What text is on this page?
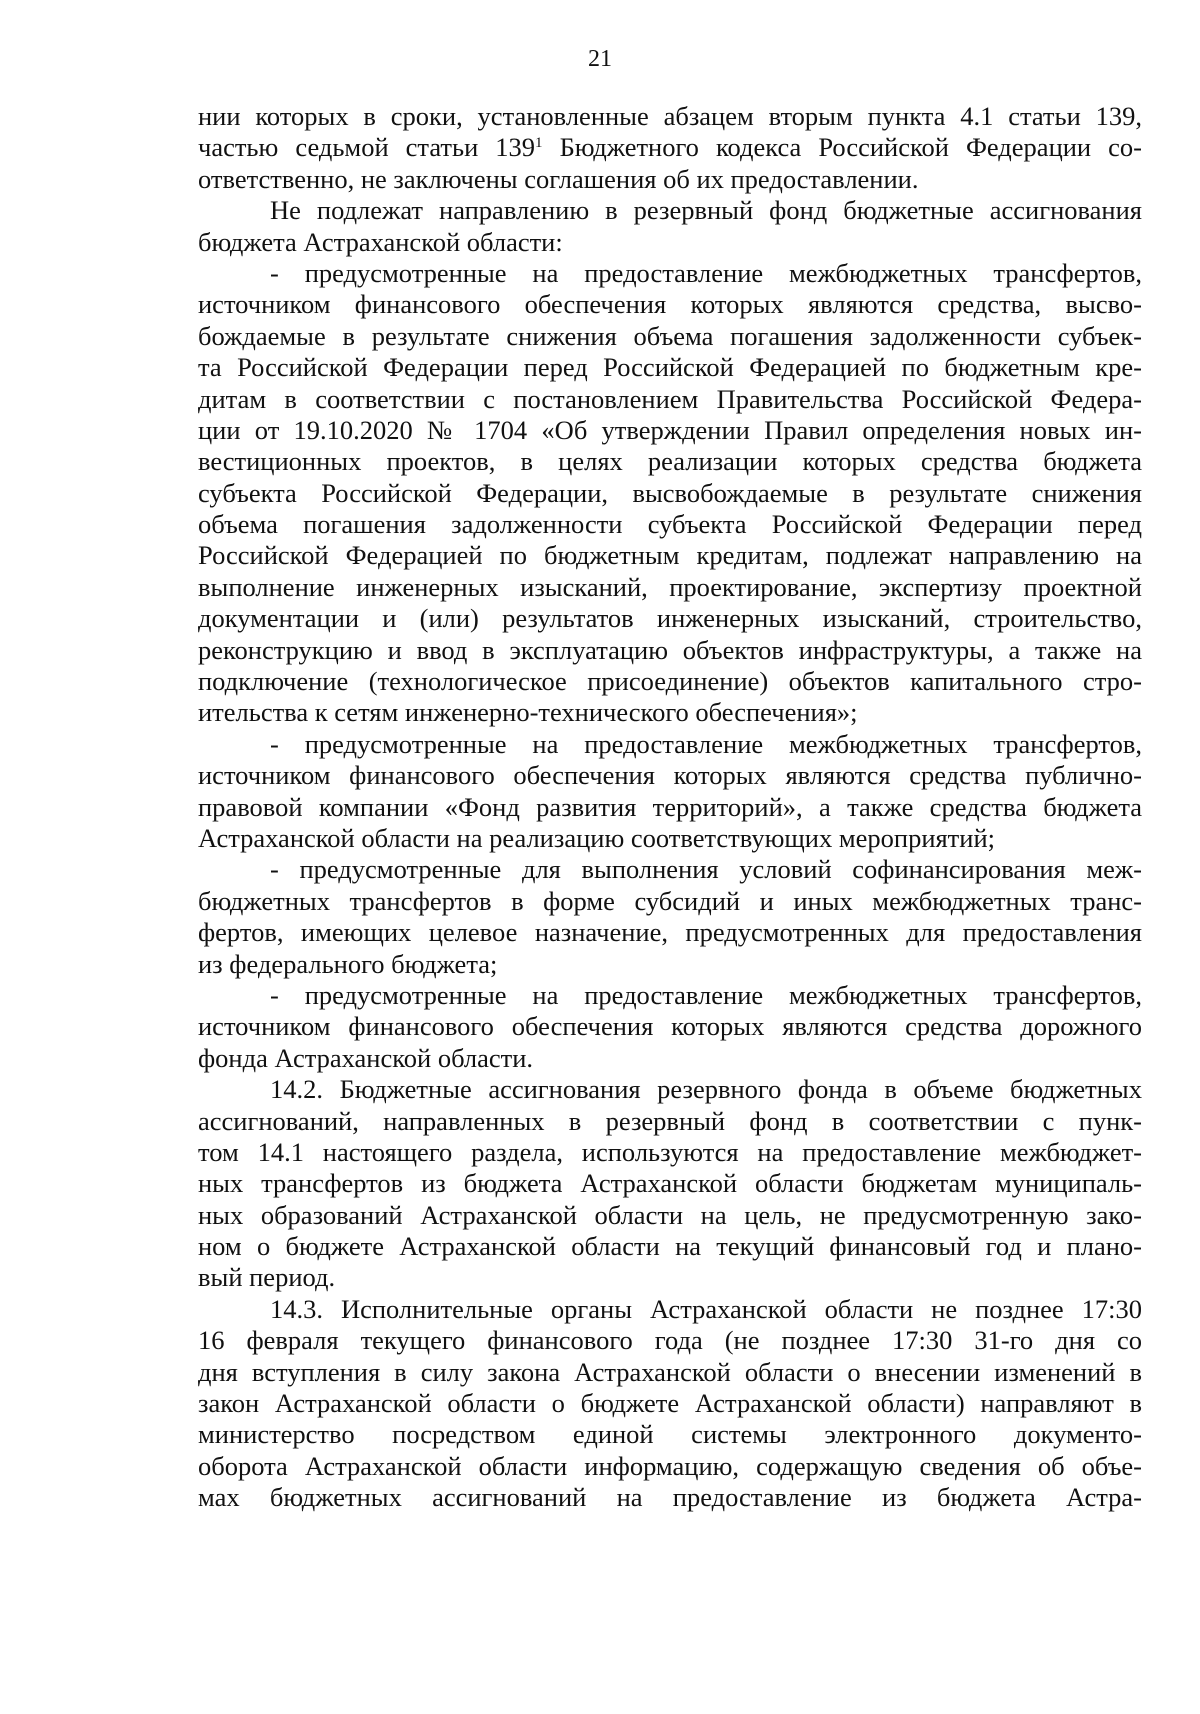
21
нии которых в сроки, установленные абзацем вторым пункта 4.1 статьи 139,
частью седьмой статьи $139^1$ Бюджетного кодекса Российской Федерации со-
ответственно, не заключены соглашения об их предоставлении.
Не подлежат направлению в резервный фонд бюджетные ассигнования
бюджета Астраханской области:
- предусмотренные на предоставление межбюджетных трансфертов,
источником финансового обеспечения которых являются средства, высво-
бождаемые в результате снижения объема погашения задолженности субъек-
та Российской Федерации перед Российской Федерацией по бюджетным кре-
дитам в соответствии с постановлением Правительства Российской Федера-
ции от 19.10.2020 № 1704 «Об утверждении Правил определения новых ин-
вестиционных проектов, в целях реализации которых средства бюджета
субъекта Российской Федерации, высвобождаемые в результате снижения
объема погашения задолженности субъекта Российской Федерации перед
Российской Федерацией по бюджетным кредитам, подлежат направлению на
выполнение инженерных изысканий, проектирование, экспертизу проектной
документации и (или) результатов инженерных изысканий, строительство,
реконструкцию и ввод в эксплуатацию объектов инфраструктуры, а также на
подключение (технологическое присоединение) объектов капитального стро-
ительства к сетям инженерно-технического обеспечения»;
- предусмотренные на предоставление межбюджетных трансфертов,
источником финансового обеспечения которых являются средства публично-
правовой компании «Фонд развития территорий», а также средства бюджета
Астраханской области на реализацию соответствующих мероприятий;
- предусмотренные для выполнения условий софинансирования меж-
бюджетных трансфертов в форме субсидий и иных межбюджетных транс-
фертов, имеющих целевое назначение, предусмотренных для предоставления
из федерального бюджета;
- предусмотренные на предоставление межбюджетных трансфертов,
источником финансового обеспечения которых являются средства дорожного
фонда Астраханской области.
14.2. Бюджетные ассигнования резервного фонда в объеме бюджетных
ассигнований, направленных в резервный фонд в соответствии с пунк-
том 14.1 настоящего раздела, используются на предоставление межбюджет-
ных трансфертов из бюджета Астраханской области бюджетам муниципаль-
ных образований Астраханской области на цель, не предусмотренную зако-
ном о бюджете Астраханской области на текущий финансовый год и плано-
вый период.
14.3. Исполнительные органы Астраханской области не позднее 17:30
16 февраля текущего финансового года (не позднее 17:30 31-го дня со
дня вступления в силу закона Астраханской области о внесении изменений в
закон Астраханской области о бюджете Астраханской области) направляют в
министерство посредством единой системы электронного документо-
оборота Астраханской области информацию, содержащую сведения об объе-
мах бюджетных ассигнований на предоставление из бюджета Астра-
